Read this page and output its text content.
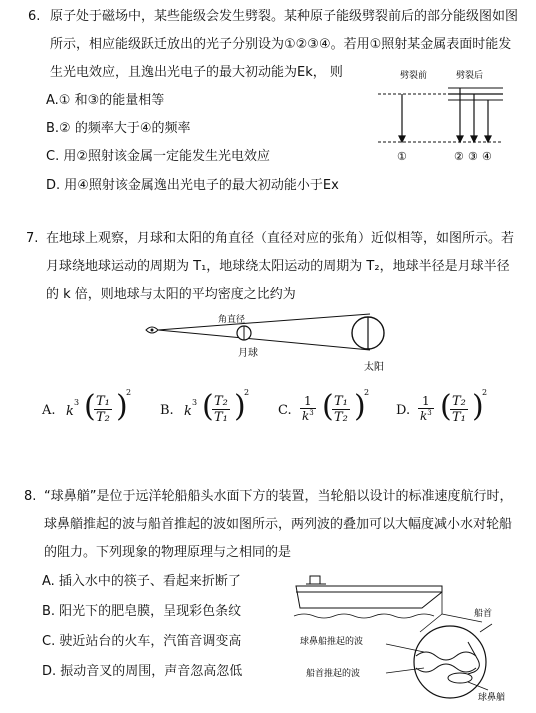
6. 原子处于磁场中，某些能级会发生劈裂。某种原子能级劈裂前后的部分能级图如图
所示，相应能级跃迁放出的光子分别设为①②③④。若用①照射某金属表面时能发
生光电效应，且逸出光电子的最大初动能为Ek， 则
A.① 和③的能量相等
B.② 的频率大于④的频率
C. 用②照射该金属一定能发生光电效应
D. 用④照射该金属逸出光电子的最大初动能小于Ex
劈裂前	劈裂后
①	② ③ ④
7. 在地球上观察，月球和太阳的角直径（直径对应的张角）近似相等，如图所示。若
月球绕地球运动的周期为 T₁，地球绕太阳运动的周期为 T₂，地球半径是月球半径
的 k 倍，则地球与太阳的平均密度之比约为
角直径
月球
太阳
A.	B.	C.	D.
k
3 (
$\frac{\text{T₁}}{\text{T₂}}$ )
2
k
3 (
$\frac{\text{T₂}}{\text{T₁}}$ )
2
$\frac{1}{k^3}$ (
$\frac{\text{T₁}}{\text{T₂}}$ )
2
$\frac{1}{k^3}$ (
$\frac{\text{T₂}}{\text{T₁}}$ )
2
8. “球鼻艏”是位于远洋轮船船头水面下方的装置，当轮船以设计的标准速度航行时，
球鼻艏推起的波与船首推起的波如图所示，两列波的叠加可以大幅度减小水对轮船
的阻力。下列现象的物理原理与之相同的是
A. 插入水中的筷子、看起来折断了
B. 阳光下的肥皂膜，呈现彩色条纹
C. 驶近站台的火车，汽笛音调变高
D. 振动音叉的周围，声音忽高忽低
船首
球鼻船推起的波
船首推起的波
球鼻艏
